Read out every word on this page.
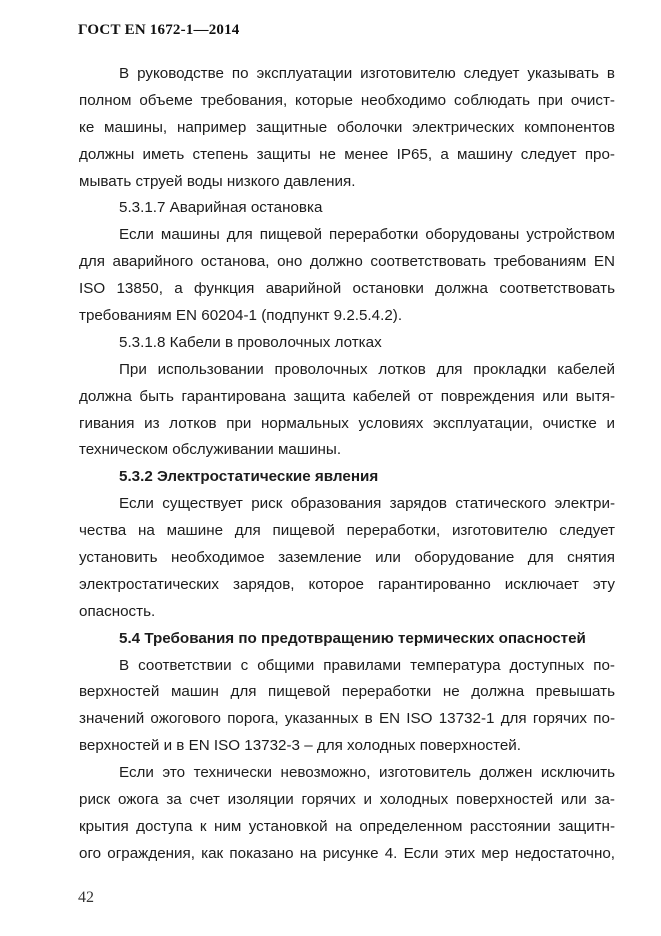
ГОСТ EN 1672-1—2014
В руководстве по эксплуатации изготовителю следует указывать в
полном объеме требования, которые необходимо соблюдать при очист-
ке машины, например защитные оболочки электрических компонентов
должны иметь степень защиты не менее IP65, а машину следует про-
мывать струей воды низкого давления.
5.3.1.7 Аварийная остановка
Если машины для пищевой переработки оборудованы устройством
для аварийного останова, оно должно соответствовать требованиям EN
ISO 13850, а функция аварийной остановки должна соответствовать
требованиям EN 60204-1 (подпункт 9.2.5.4.2).
5.3.1.8 Кабели в проволочных лотках
При использовании проволочных лотков для прокладки кабелей
должна быть гарантирована защита кабелей от повреждения или вытя-
гивания из лотков при нормальных условиях эксплуатации, очистке и
техническом обслуживании машины.
5.3.2 Электростатические явления
Если существует риск образования зарядов статического электри-
чества на машине для пищевой переработки, изготовителю следует
установить необходимое заземление или оборудование для снятия
электростатических зарядов, которое гарантированно исключает эту
опасность.
5.4 Требования по предотвращению термических опасностей
В соответствии с общими правилами температура доступных по-
верхностей машин для пищевой переработки не должна превышать
значений ожогового порога, указанных в EN ISO 13732-1 для горячих по-
верхностей и в EN ISO 13732-3 – для холодных поверхностей.
Если это технически невозможно, изготовитель должен исключить
риск ожога за счет изоляции горячих и холодных поверхностей или за-
крытия доступа к ним установкой на определенном расстоянии защитн-
ого ограждения, как показано на рисунке 4. Если этих мер недостаточно,
42
